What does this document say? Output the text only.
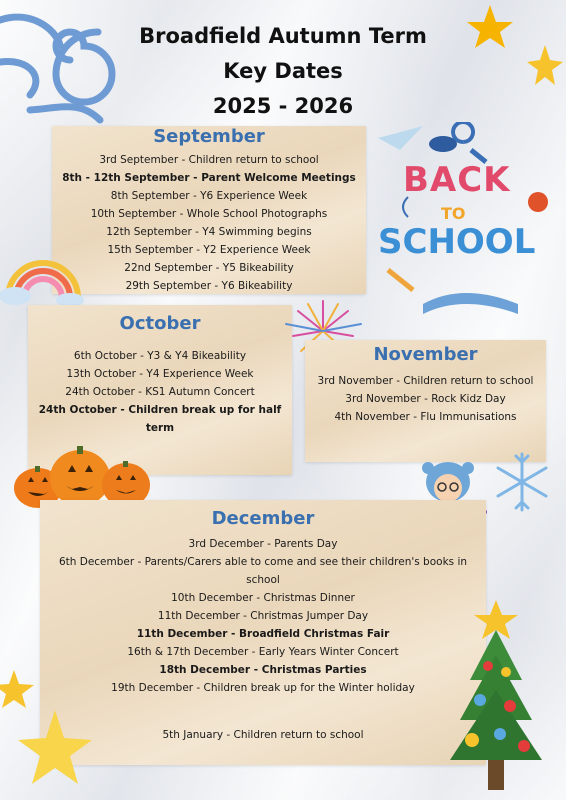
Broadfield Autumn Term
Key Dates
2025 - 2026
September
3rd September - Children return to school
8th - 12th September - Parent Welcome Meetings
8th September - Y6 Experience Week
10th September - Whole School Photographs
12th September - Y4 Swimming begins
15th September - Y2 Experience Week
22nd September - Y5 Bikeability
29th September - Y6 Bikeability
BACK
TO
SCHOOL
October
6th October - Y3 & Y4 Bikeability
13th October - Y4 Experience Week
24th October - KS1 Autumn Concert
24th October - Children break up for half term
November
3rd November - Children return to school
3rd November - Rock Kidz Day
4th November - Flu Immunisations
December
3rd December - Parents Day
6th December - Parents/Carers able to come and see their children's books in school
10th December - Christmas Dinner
11th December - Christmas Jumper Day
11th December - Broadfield Christmas Fair
16th & 17th December - Early Years Winter Concert
18th December - Christmas Parties
19th December - Children break up for the Winter holiday
5th January - Children return to school
